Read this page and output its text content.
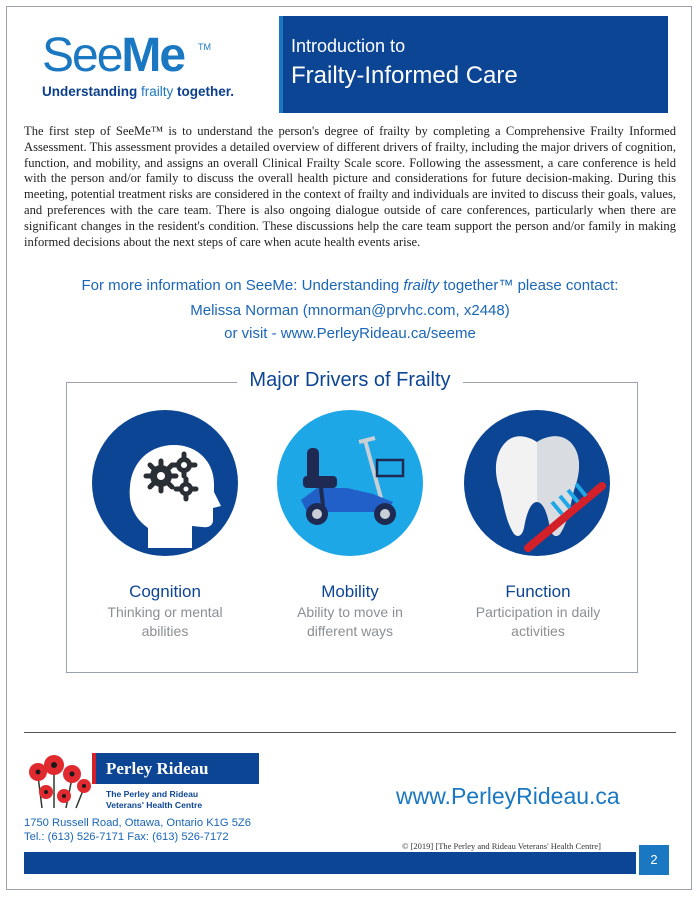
SeeMe TM
Understanding frailty together.
Introduction to
Frailty-Informed Care

The first step of SeeMe™ is to understand the person's degree of frailty by completing a Comprehensive Frailty Informed Assessment. This assessment provides a detailed overview of different drivers of frailty, including the major drivers of cognition, function, and mobility, and assigns an overall Clinical Frailty Scale score. Following the assessment, a care conference is held with the person and/or family to discuss the overall health picture and considerations for future decision-making. During this meeting, potential treatment risks are considered in the context of frailty and individuals are invited to discuss their goals, values, and preferences with the care team. There is also ongoing dialogue outside of care conferences, particularly when there are significant changes in the resident's condition. These discussions help the care team support the person and/or family in making informed decisions about the next steps of care when acute health events arise.

For more information on SeeMe: Understanding frailty together™ please contact:
Melissa Norman (mnorman@prvhc.com, x2448)
or visit - www.PerleyRideau.ca/seeme
Major Drivers of Frailty
Cognition
Thinking or mental
abilities
Mobility
Ability to move in
different ways
Function
Participation in daily
activities
Perley Rideau
The Perley and Rideau
Veterans' Health Centre
1750 Russell Road, Ottawa, Ontario K1G 5Z6
Tel.: (613) 526-7171 Fax: (613) 526-7172
www.PerleyRideau.ca
© [2019] [The Perley and Rideau Veterans' Health Centre]
2
